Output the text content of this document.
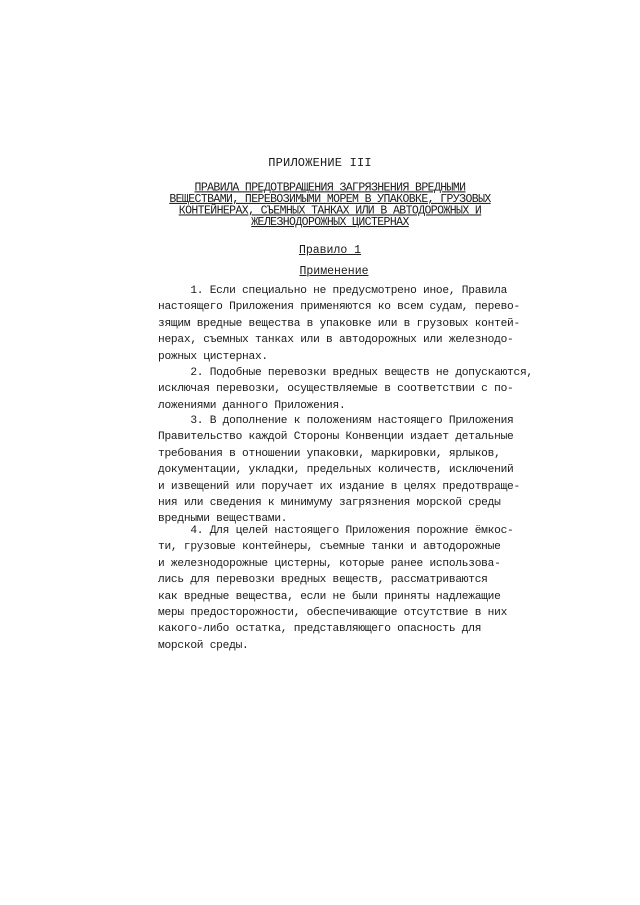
ПРИЛОЖЕНИЕ III
ПРАВИЛА ПРЕДОТВРАЩЕНИЯ ЗАГРЯЗНЕНИЯ ВРЕДНЫМИ
ВЕЩЕСТВАМИ, ПЕРЕВОЗИМЫМИ МОРЕМ В УПАКОВКЕ, ГРУЗОВЫХ
КОНТЕЙНЕРАХ, СЪЕМНЫХ ТАНКАХ ИЛИ В АВТОДОРОЖНЫХ И
ЖЕЛЕЗНОДОРОЖНЫХ ЦИСТЕРНАХ
Правило 1
Применение
1. Если специально не предусмотрено иное, Правила
настоящего Приложения применяются ко всем судам, перево-
зящим вредные вещества в упаковке или в грузовых контей-
нерах, съемных танках или в автодорожных или железнодо-
рожных цистернах.
2. Подобные перевозки вредных веществ не допускаются,
исключая перевозки, осуществляемые в соответствии с по-
ложениями данного Приложения.
3. В дополнение к положениям настоящего Приложения
Правительство каждой Стороны Конвенции издает детальные
требования в отношении упаковки, маркировки, ярлыков,
документации, укладки, предельных количеств, исключений
и извещений или поручает их издание в целях предотвраще-
ния или сведения к минимуму загрязнения морской среды
вредными веществами.
4. Для целей настоящего Приложения порожние ёмкос-
ти, грузовые контейнеры, съемные танки и автодорожные
и железнодорожные цистерны, которые ранее использова-
лись для перевозки вредных веществ, рассматриваются
как вредные вещества, если не были приняты надлежащие
меры предосторожности, обеспечивающие отсутствие в них
какого-либо остатка, представляющего опасность для
морской среды.
